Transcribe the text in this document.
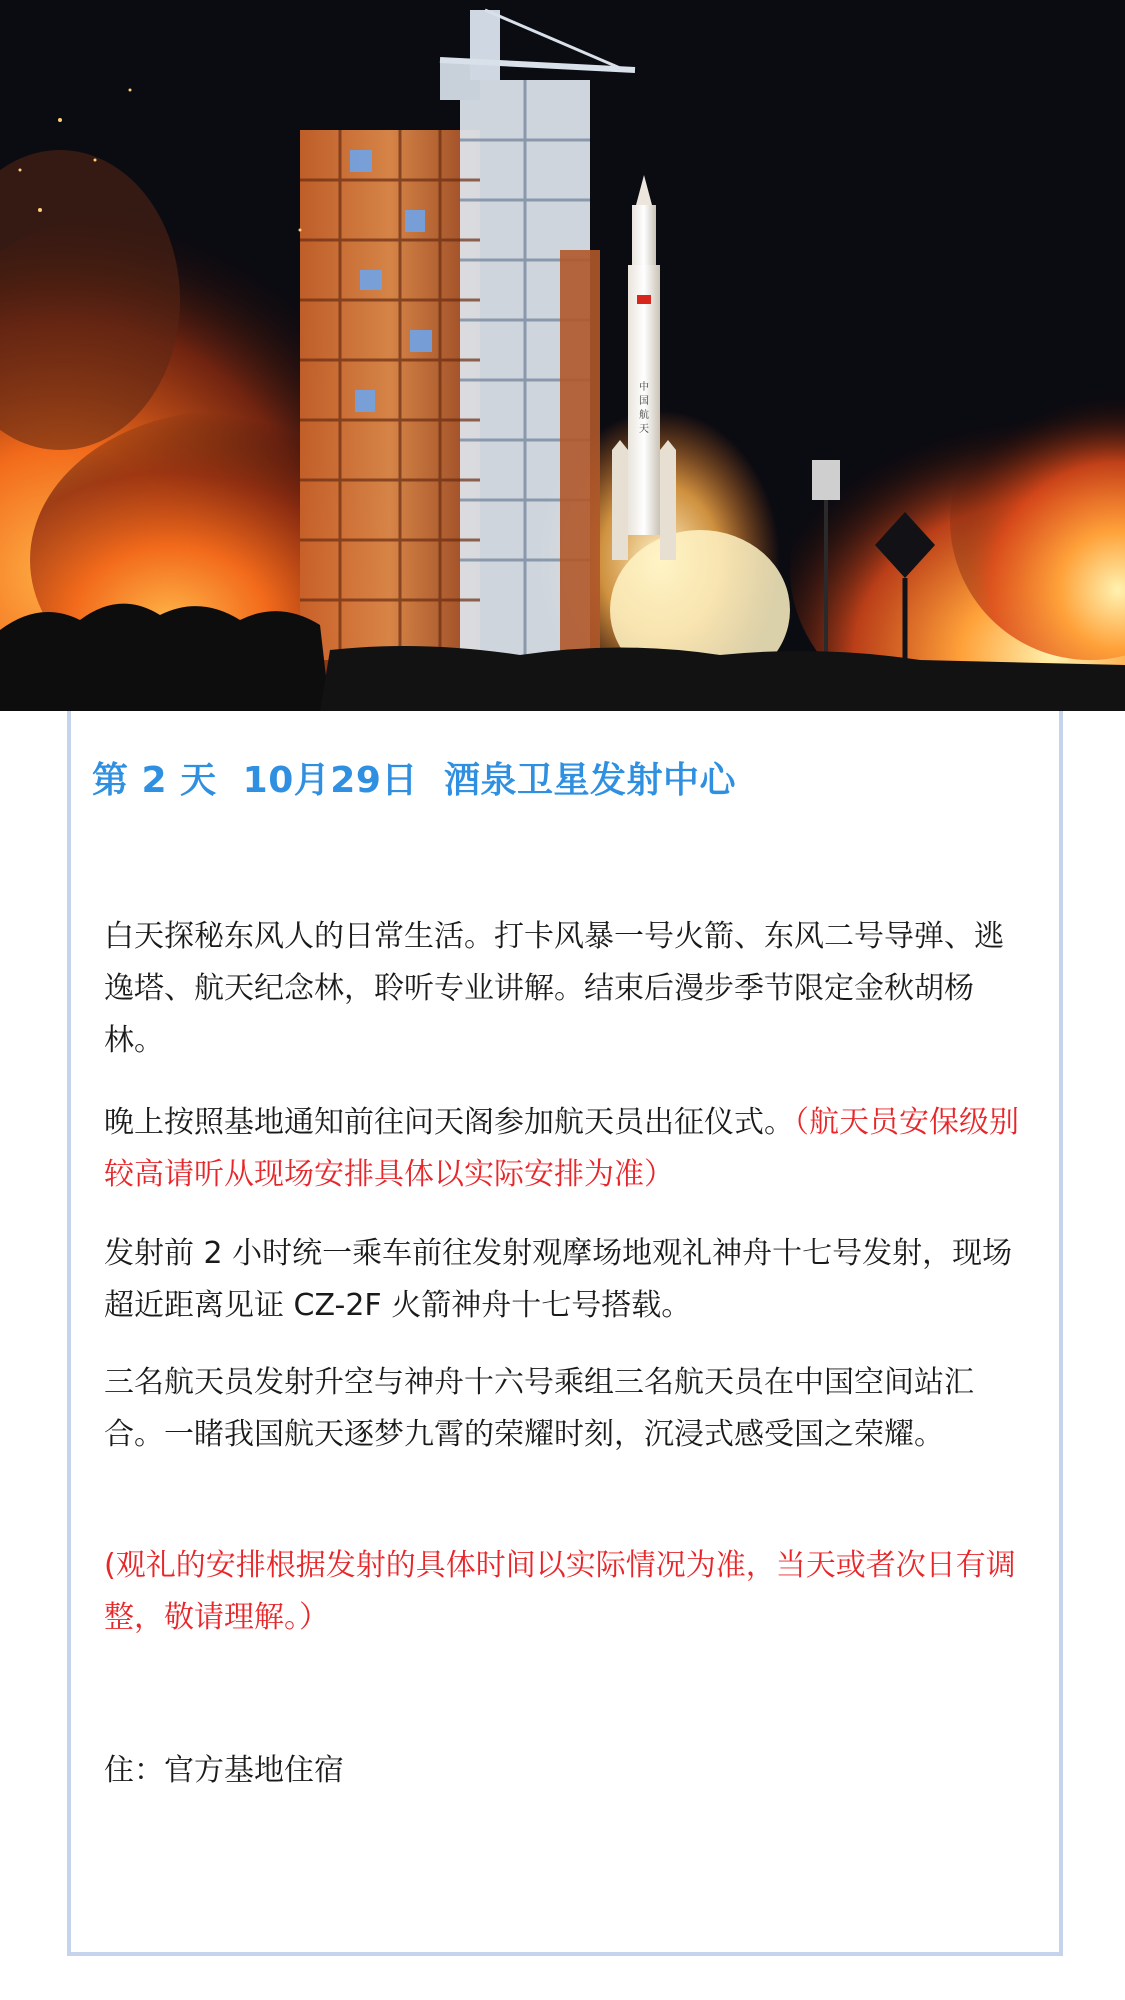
中
国
航
天
第 2 天  10月29日  酒泉卫星发射中心
白天探秘东风人的日常生活。打卡风暴一号火箭、东风二号导弹、逃逸塔、航天纪念林，聆听专业讲解。结束后漫步季节限定金秋胡杨林。
晚上按照基地通知前往问天阁参加航天员出征仪式。（航天员安保级别较高请听从现场安排具体以实际安排为准）
发射前 2 小时统一乘车前往发射观摩场地观礼神舟十七号发射，现场超近距离见证 CZ-2F 火箭神舟十七号搭载。
三名航天员发射升空与神舟十六号乘组三名航天员在中国空间站汇合。一睹我国航天逐梦九霄的荣耀时刻，沉浸式感受国之荣耀。
(观礼的安排根据发射的具体时间以实际情况为准，当天或者次日有调整，敬请理解。）
住：官方基地住宿
